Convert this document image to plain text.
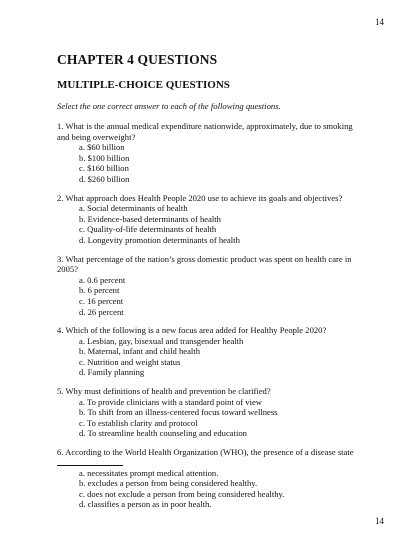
14
CHAPTER 4 QUESTIONS
MULTIPLE-CHOICE QUESTIONS

Select the one correct answer to each of the following questions.

1. What is the annual medical expenditure nationwide, approximately, due to smoking and being overweight?

a. $60 billion
b. $100 billion
c. $160 billion
d. $260 billion

2. What approach does Health People 2020 use to achieve its goals and objectives?

a. Social determinants of health
b. Evidence-based determinants of health
c. Quality-of-life determinants of health
d. Longevity promotion determinants of health

3. What percentage of the nation’s gross domestic product was spent on health care in 2005?

a. 0.6 percent
b. 6 percent
c. 16 percent
d. 26 percent

4. Which of the following is a new focus area added for Healthy People 2020?

a. Lesbian, gay, bisexual and transgender health
b. Maternal, infant and child health
c. Nutrition and weight status
d. Family planning

5. Why must definitions of health and prevention be clarified?

a. To provide clinicians with a standard point of view
b. To shift from an illness-centered focus toward wellness
c. To establish clarity and protocol
d. To streamline health counseling and education

6. According to the World Health Organization (WHO), the presence of a disease state

a. necessitates prompt medical attention.
b. excludes a person from being considered healthy.
c. does not exclude a person from being considered healthy.
d. classifies a person as in poor health.
14
